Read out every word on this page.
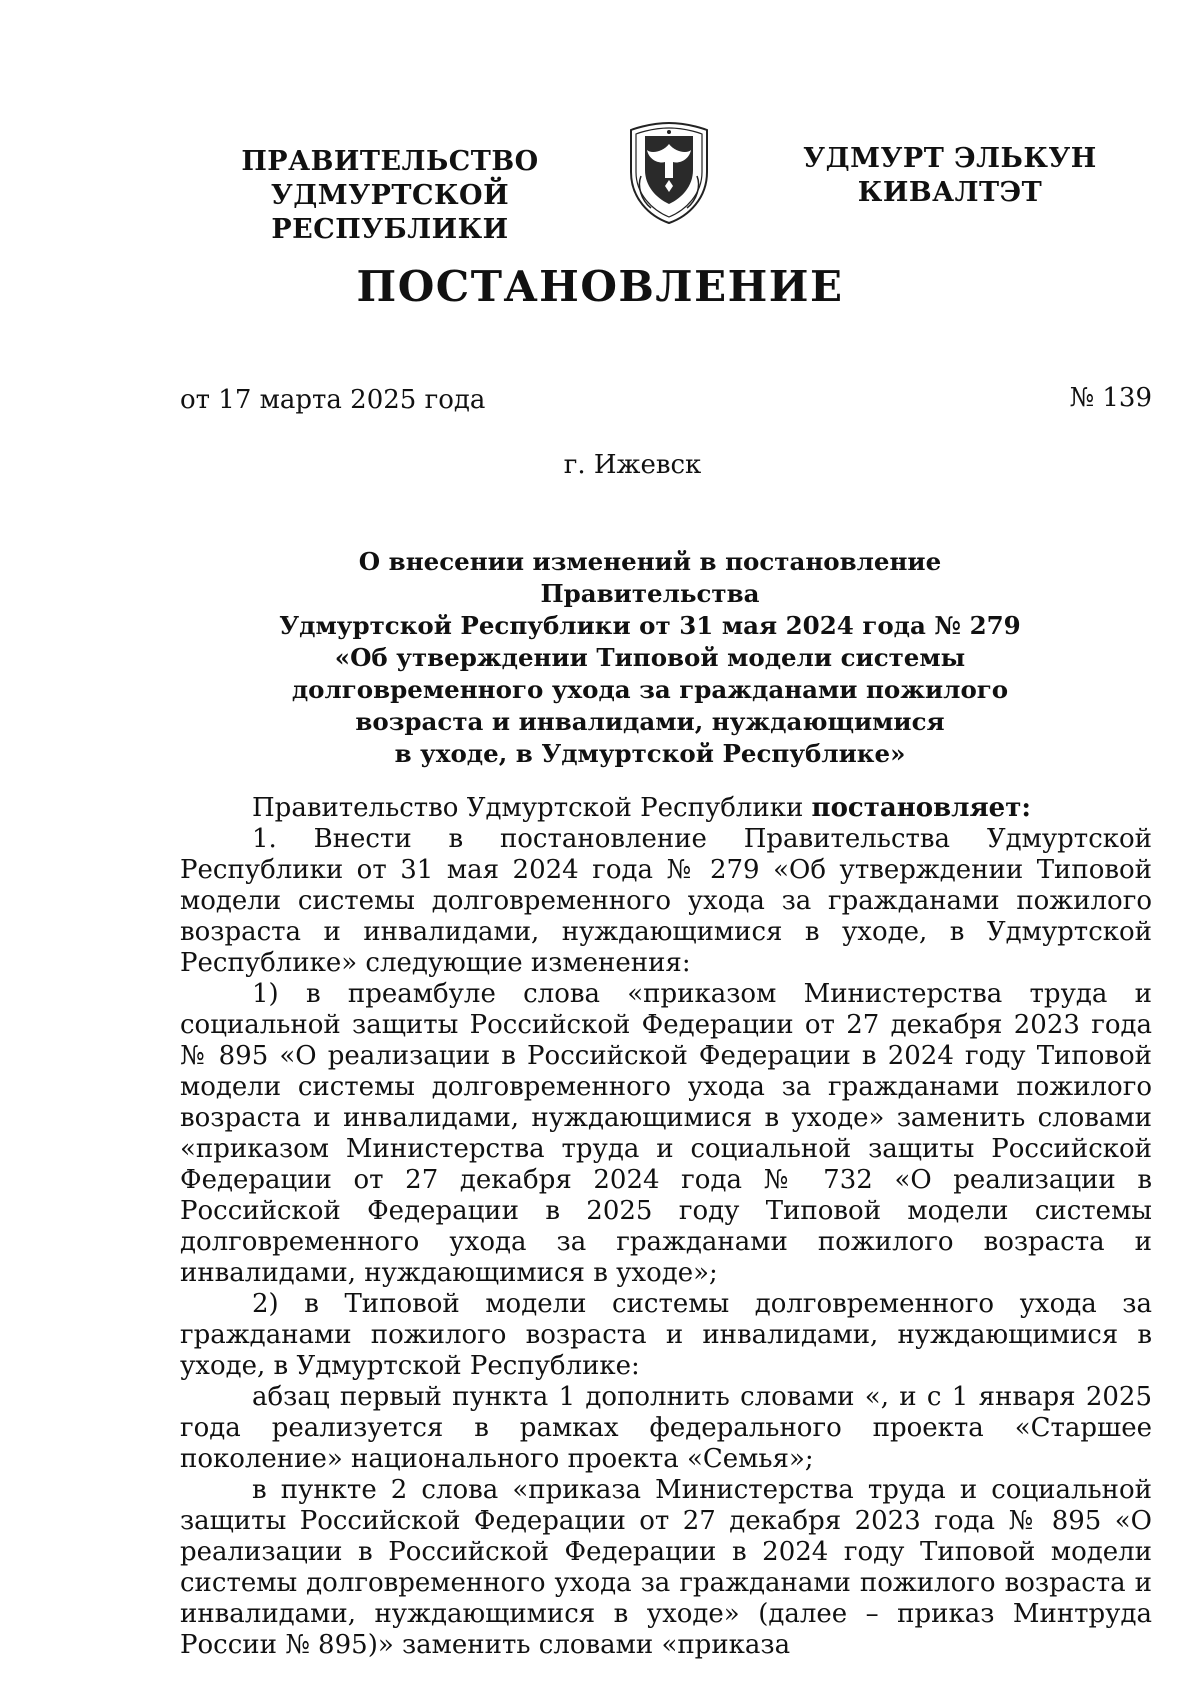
ПРАВИТЕЛЬСТВО
УДМУРТСКОЙ РЕСПУБЛИКИ
УДМУРТ ЭЛЬКУН
КИВАЛТЭТ
ПОСТАНОВЛЕНИЕ
от 17 марта 2025 года	№ 139
г. Ижевск
О внесении изменений в постановление Правительства
Удмуртской Республики от 31 мая 2024 года № 279
«Об утверждении Типовой модели системы
долговременного ухода за гражданами пожилого
возраста и инвалидами, нуждающимися
в уходе, в Удмуртской Республике»

Правительство Удмуртской Республики постановляет:

1. Внести в постановление Правительства Удмуртской Республики от 31 мая 2024 года № 279 «Об утверждении Типовой модели системы долговременного ухода за гражданами пожилого возраста и инвалидами, нуждающимися в уходе, в Удмуртской Республике» следующие изменения:

1) в преамбуле слова «приказом Министерства труда и социальной защиты Российской Федерации от 27 декабря 2023 года № 895 «О реализации в Российской Федерации в 2024 году Типовой модели системы долговременного ухода за гражданами пожилого возраста и инвалидами, нуждающимися в уходе» заменить словами «приказом Министерства труда и социальной защиты Российской Федерации от 27 декабря 2024 года № 732 «О реализации в Российской Федерации в 2025 году Типовой модели системы долговременного ухода за гражданами пожилого возраста и инвалидами, нуждающимися в уходе»;

2) в Типовой модели системы долговременного ухода за гражданами пожилого возраста и инвалидами, нуждающимися в уходе, в Удмуртской Республике:

абзац первый пункта 1 дополнить словами «, и с 1 января 2025 года реализуется в рамках федерального проекта «Старшее поколение» национального проекта «Семья»;

в пункте 2 слова «приказа Министерства труда и социальной защиты Российской Федерации от 27 декабря 2023 года № 895 «О реализации в Российской Федерации в 2024 году Типовой модели системы долговременного ухода за гражданами пожилого возраста и инвалидами, нуждающимися в уходе» (далее – приказ Минтруда России № 895)» заменить словами «приказа
